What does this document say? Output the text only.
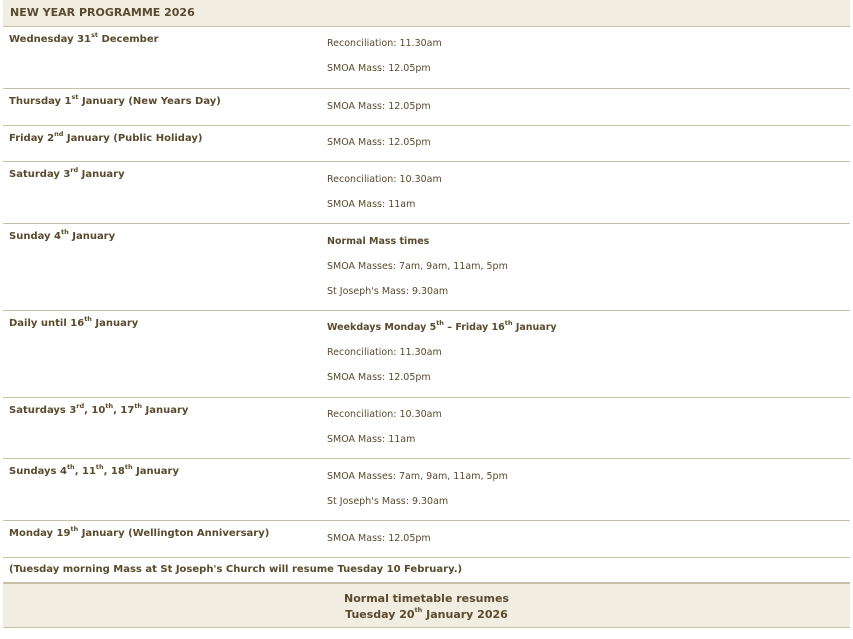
NEW YEAR PROGRAMME 2026
Wednesday 31st December	Reconciliation: 11.30am
SMOA Mass: 12.05pm
Thursday 1st January (New Years Day)	SMOA Mass: 12.05pm
Friday 2nd January (Public Holiday)	SMOA Mass: 12.05pm
Saturday 3rd January	Reconciliation: 10.30am
SMOA Mass: 11am
Sunday 4th January	Normal Mass times
SMOA Masses: 7am, 9am, 11am, 5pm
St Joseph's Mass: 9.30am
Daily until 16th January	Weekdays Monday 5th – Friday 16th January
Reconciliation: 11.30am
SMOA Mass: 12.05pm
Saturdays 3rd, 10th, 17th January	Reconciliation: 10.30am
SMOA Mass: 11am
Sundays 4th, 11th, 18th January	SMOA Masses: 7am, 9am, 11am, 5pm
St Joseph's Mass: 9.30am
Monday 19th January (Wellington Anniversary)	SMOA Mass: 12.05pm
(Tuesday morning Mass at St Joseph's Church will resume Tuesday 10 February.)
Normal timetable resumes
Tuesday 20th January 2026
